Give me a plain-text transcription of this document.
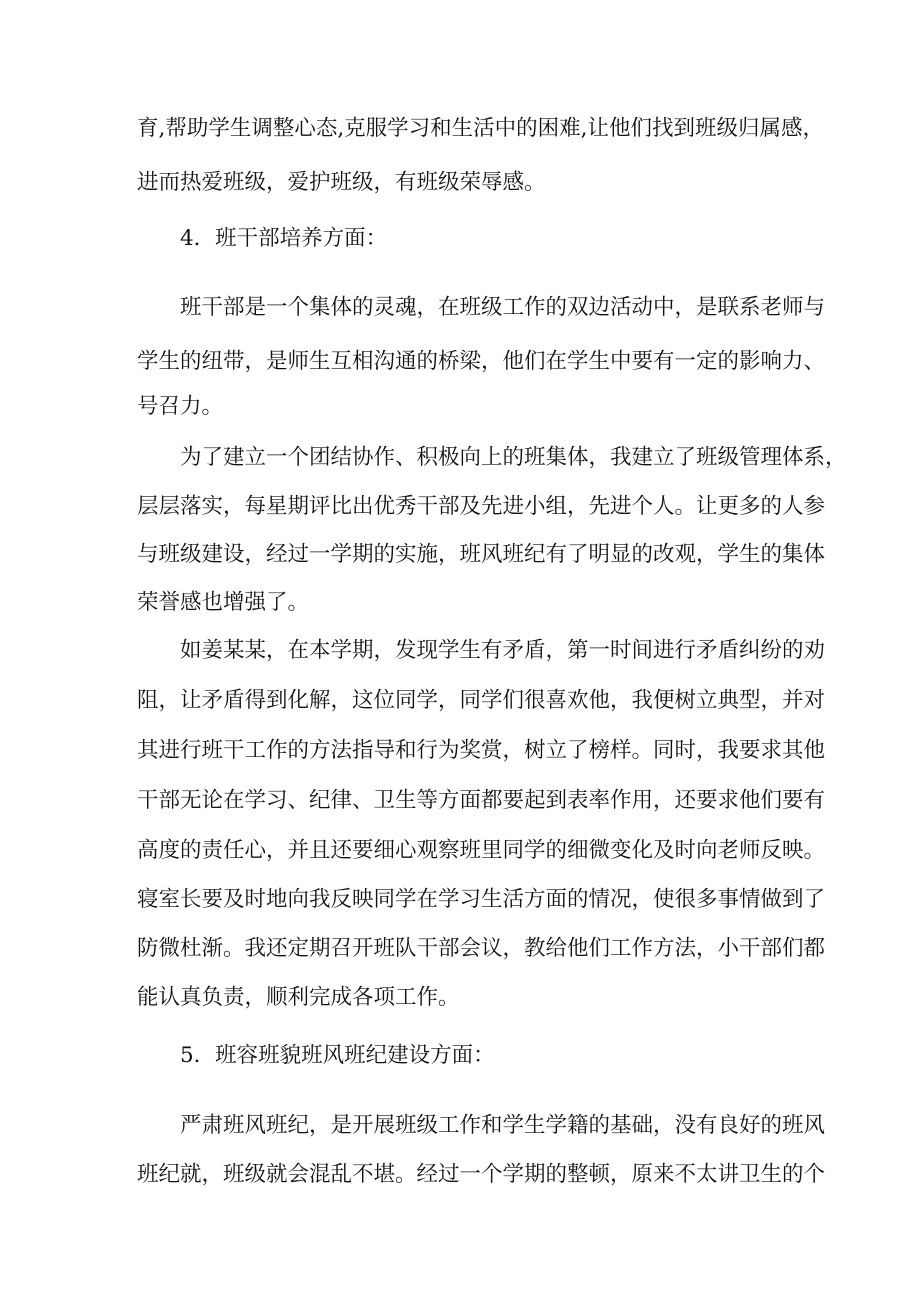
育,帮助学生调整心态,克服学习和生活中的困难,让他们找到班级归属感，
进而热爱班级，爱护班级，有班级荣辱感。
4．班干部培养方面：
班干部是一个集体的灵魂，在班级工作的双边活动中，是联系老师与
学生的纽带，是师生互相沟通的桥梁，他们在学生中要有一定的影响力、
号召力。
为了建立一个团结协作、积极向上的班集体，我建立了班级管理体系，
层层落实，每星期评比出优秀干部及先进小组，先进个人。让更多的人参
与班级建设，经过一学期的实施，班风班纪有了明显的改观，学生的集体
荣誉感也增强了。
如姜某某，在本学期，发现学生有矛盾，第一时间进行矛盾纠纷的劝
阻，让矛盾得到化解，这位同学，同学们很喜欢他，我便树立典型，并对
其进行班干工作的方法指导和行为奖赏，树立了榜样。同时，我要求其他
干部无论在学习、纪律、卫生等方面都要起到表率作用，还要求他们要有
高度的责任心，并且还要细心观察班里同学的细微变化及时向老师反映。
寝室长要及时地向我反映同学在学习生活方面的情况，使很多事情做到了
防微杜渐。我还定期召开班队干部会议，教给他们工作方法，小干部们都
能认真负责，顺利完成各项工作。
5．班容班貌班风班纪建设方面：
严肃班风班纪，是开展班级工作和学生学籍的基础，没有良好的班风
班纪就，班级就会混乱不堪。经过一个学期的整顿，原来不太讲卫生的个
